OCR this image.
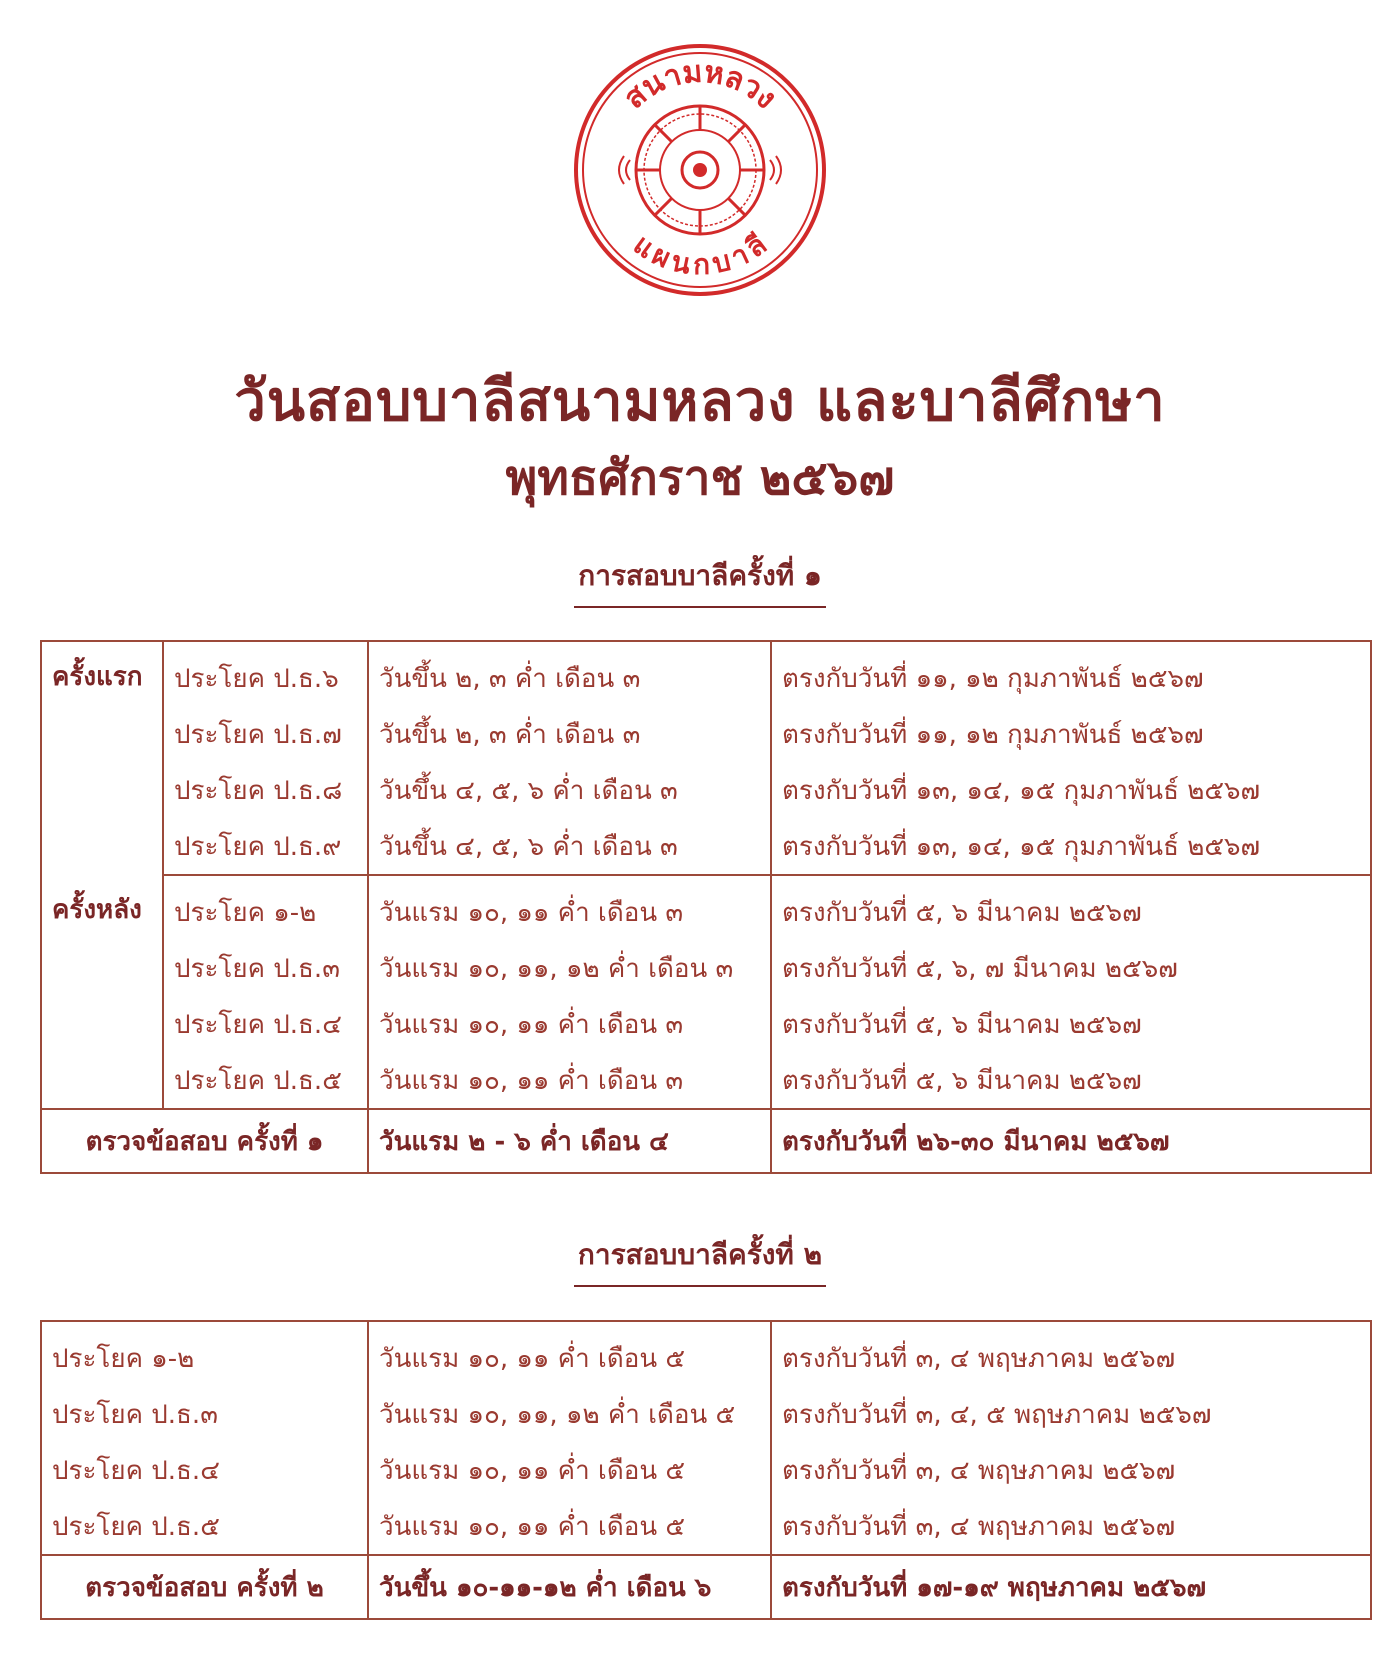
สนามหลวง
แผนกบาลี
วันสอบบาลีสนามหลวง และบาลีศึกษา
พุทธศักราช ๒๕๖๗
การสอบบาลีครั้งที่ ๑
ครั้งแรก	ประโยค ป.ธ.๖	วันขึ้น ๒, ๓ ค่ำ เดือน ๓	ตรงกับวันที่ ๑๑, ๑๒ กุมภาพันธ์ ๒๕๖๗
	ประโยค ป.ธ.๗	วันขึ้น ๒, ๓ ค่ำ เดือน ๓	ตรงกับวันที่ ๑๑, ๑๒ กุมภาพันธ์ ๒๕๖๗
	ประโยค ป.ธ.๘	วันขึ้น ๔, ๕, ๖ ค่ำ เดือน ๓	ตรงกับวันที่ ๑๓, ๑๔, ๑๕ กุมภาพันธ์ ๒๕๖๗
	ประโยค ป.ธ.๙	วันขึ้น ๔, ๕, ๖ ค่ำ เดือน ๓	ตรงกับวันที่ ๑๓, ๑๔, ๑๕ กุมภาพันธ์ ๒๕๖๗
ครั้งหลัง	ประโยค ๑-๒	วันแรม ๑๐, ๑๑ ค่ำ เดือน ๓	ตรงกับวันที่ ๕, ๖ มีนาคม ๒๕๖๗
	ประโยค ป.ธ.๓	วันแรม ๑๐, ๑๑, ๑๒ ค่ำ เดือน ๓	ตรงกับวันที่ ๕, ๖, ๗ มีนาคม ๒๕๖๗
	ประโยค ป.ธ.๔	วันแรม ๑๐, ๑๑ ค่ำ เดือน ๓	ตรงกับวันที่ ๕, ๖ มีนาคม ๒๕๖๗
	ประโยค ป.ธ.๕	วันแรม ๑๐, ๑๑ ค่ำ เดือน ๓	ตรงกับวันที่ ๕, ๖ มีนาคม ๒๕๖๗
ตรวจข้อสอบ ครั้งที่ ๑		วันแรม ๒ - ๖ ค่ำ เดือน ๔	ตรงกับวันที่ ๒๖-๓๐ มีนาคม ๒๕๖๗
การสอบบาลีครั้งที่ ๒
ประโยค ๑-๒	วันแรม ๑๐, ๑๑ ค่ำ เดือน ๕	ตรงกับวันที่ ๓, ๔ พฤษภาคม ๒๕๖๗
ประโยค ป.ธ.๓	วันแรม ๑๐, ๑๑, ๑๒ ค่ำ เดือน ๕	ตรงกับวันที่ ๓, ๔, ๕ พฤษภาคม ๒๕๖๗
ประโยค ป.ธ.๔	วันแรม ๑๐, ๑๑ ค่ำ เดือน ๕	ตรงกับวันที่ ๓, ๔ พฤษภาคม ๒๕๖๗
ประโยค ป.ธ.๕	วันแรม ๑๐, ๑๑ ค่ำ เดือน ๕	ตรงกับวันที่ ๓, ๔ พฤษภาคม ๒๕๖๗
ตรวจข้อสอบ ครั้งที่ ๒	วันขึ้น ๑๐-๑๑-๑๒ ค่ำ เดือน ๖	ตรงกับวันที่ ๑๗-๑๙ พฤษภาคม ๒๕๖๗
